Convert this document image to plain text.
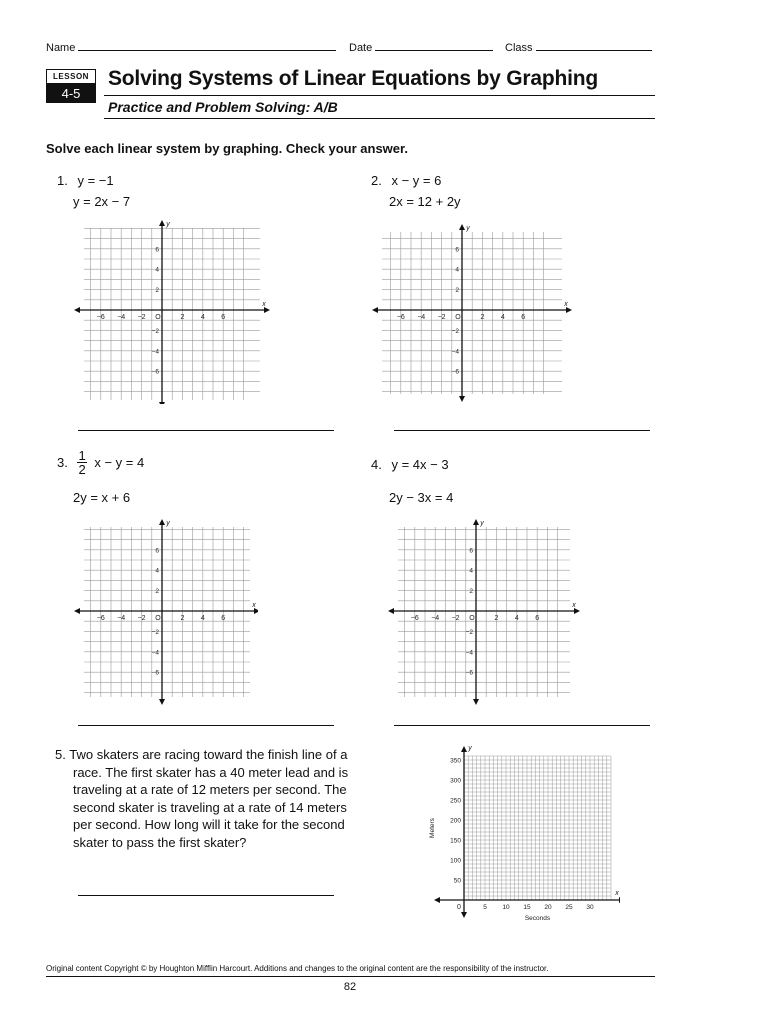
Name	Date	Class
LESSON
4-5
Solving Systems of Linear Equations by Graphing
Practice and Problem Solving: A/B
Solve each linear system by graphing. Check your answer.
1. y = −1
y = 2x − 7
2. x − y = 6
2x = 12 + 2y
3. $\frac{1}{2}$ x − y = 4
2y = x + 6
4. y = 4x − 3
2y − 3x = 4
x
y
O
−6 −4 −2	2 4 6
6
4
2
−2
−4
−6
x
y
O
−6 −4 −2	2 4 6
6
4
2
−2
−4
−6
x
y
O
−6 −4 −2	2 4 6
6
4
2
−2
−4
−6
x
y
O
−6 −4 −2	2 4 6
6
4
2
−2
−4
−6
5. Two skaters are racing toward the finish line of a race. The first skater has a 40 meter lead and is traveling at a rate of 12 meters per second. The second skater is traveling at a rate of 14 meters per second. How long will it take for the second skater to pass the first skater?
x
y
0	5 10 15 20 25 30
350
300
250
200
150
100
50
Seconds
Meters
Original content Copyright © by Houghton Mifflin Harcourt. Additions and changes to the original content are the responsibility of the instructor.
82
